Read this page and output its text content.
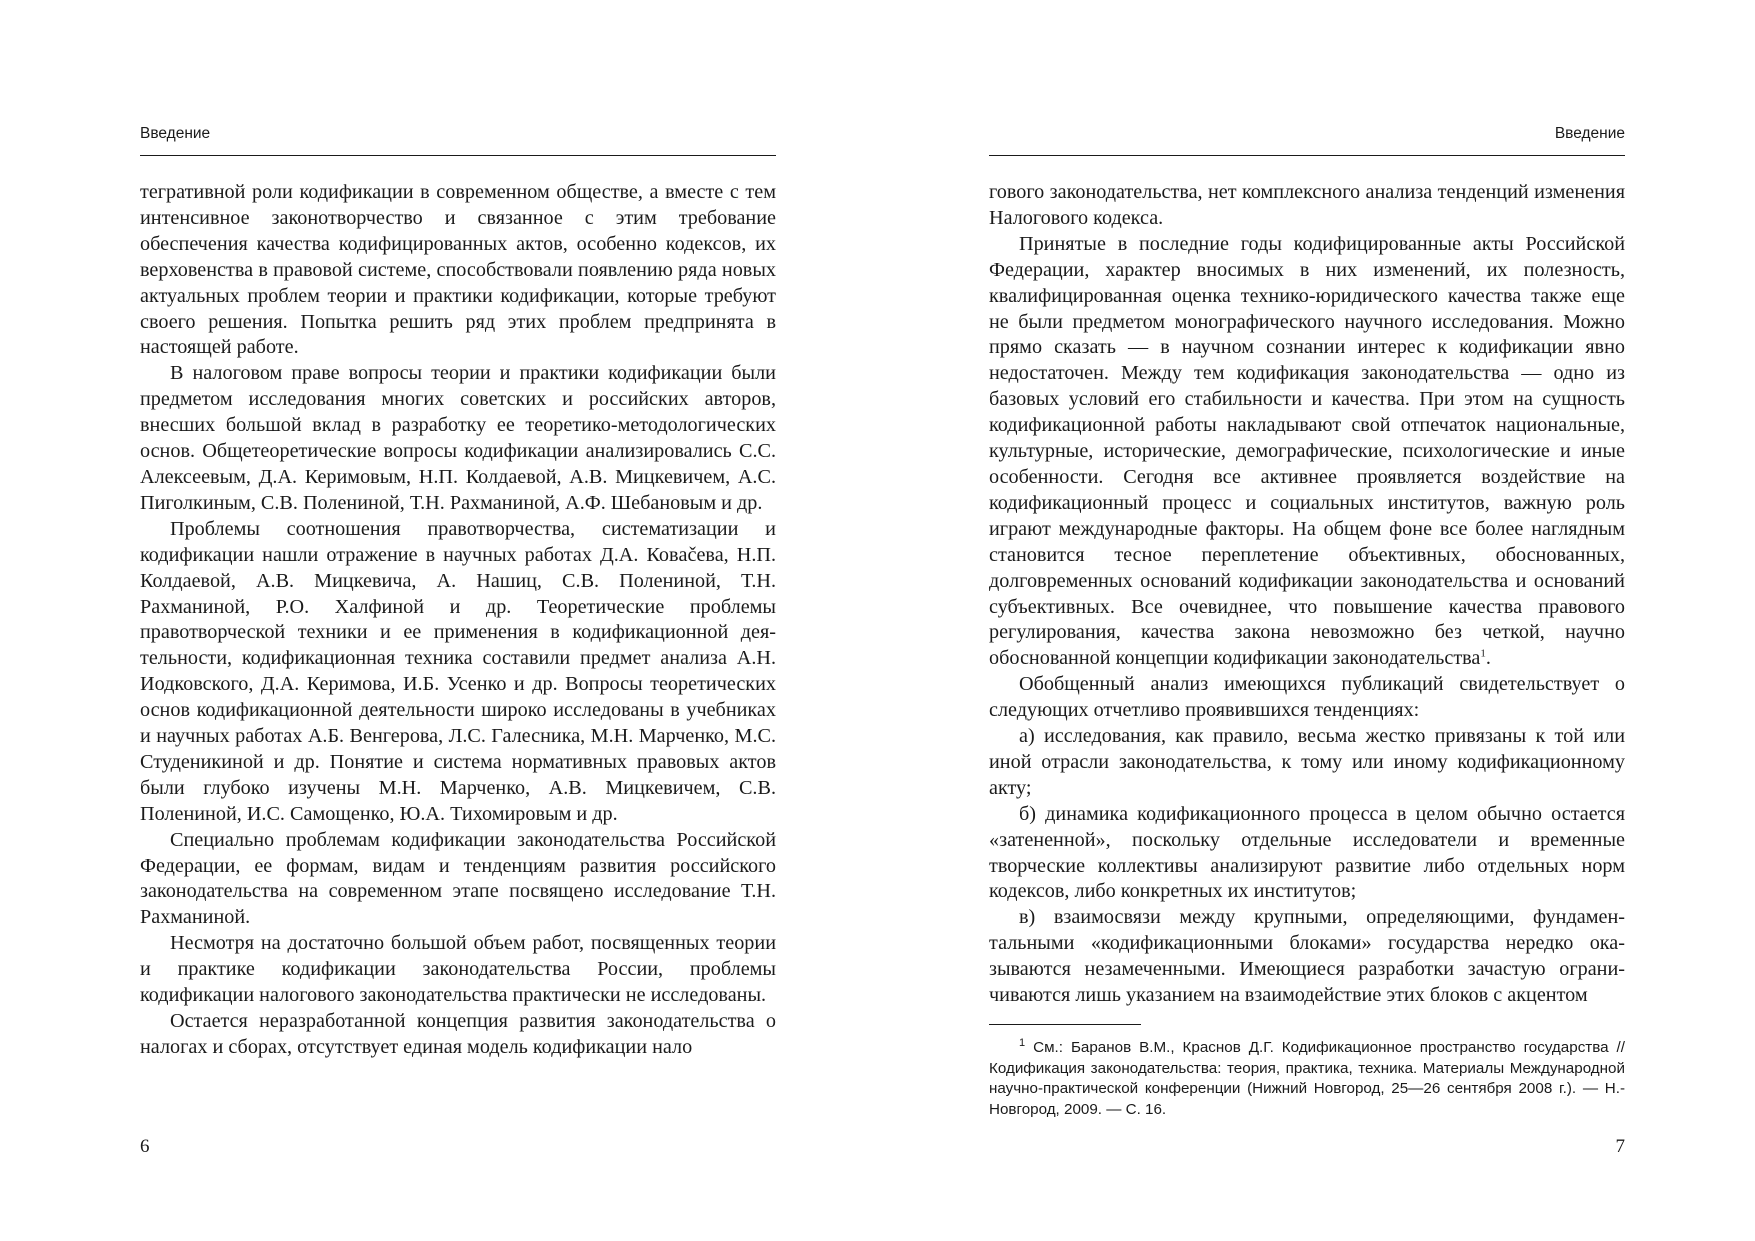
Введение

тегративной роли кодификации в современном обществе, а вместе с тем интенсивное законотворчество и связанное с этим требование обеспечения качества кодифицированных актов, особенно кодексов, их верховенства в правовой системе, способствовали появлению ряда новых актуальных проблем теории и практики кодификации, которые требуют своего решения. Попытка решить ряд этих проблем предпринята в настоящей работе.

В налоговом праве вопросы теории и практики кодификации были предметом исследования многих советских и российских авторов, внесших большой вклад в разработку ее теоретико-методологических основ. Общетеоретические вопросы кодификации анализировались С.С. Алексеевым, Д.А. Керимовым, Н.П. Колдаевой, А.В. Мицкевичем, А.С. Пиголкиным, С.В. Полениной, Т.Н. Рахманиной, А.Ф. Шебановым и др.

Проблемы соотношения правотворчества, систематизации и кодификации нашли отражение в научных работах Д.А. Ковačeва, Н.П. Колдаевой, А.В. Мицкевича, А. Нашиц, С.В. Полениной, Т.Н. Рахманиной, Р.О. Халфиной и др. Теоретические проблемы правотворческой техники и ее применения в кодификационной деятельности, кодификационная техника составили предмет анализа А.Н. Иодковского, Д.А. Керимова, И.Б. Усенко и др. Вопросы теоретических основ кодификационной деятельности широко исследованы в учебниках и научных работах А.Б. Венгерова, Л.С. Галесника, М.Н. Марченко, М.С. Студеникиной и др. Понятие и система нормативных правовых актов были глубоко изучены М.Н. Марченко, А.В. Мицкевичем, С.В. Полениной, И.С. Самощенко, Ю.А. Тихомировым и др.

Специально проблемам кодификации законодательства Российской Федерации, ее формам, видам и тенденциям развития российского законодательства на современном этапе посвящено исследование Т.Н. Рахманиной.

Несмотря на достаточно большой объем работ, посвященных теории и практике кодификации законодательства России, проблемы кодификации налогового законодательства практически не исследованы.

Остается неразработанной концепция развития законодательства о налогах и сборах, отсутствует единая модель кодификации нало

6
Введение

гового законодательства, нет комплексного анализа тенденций изменения Налогового кодекса.

Принятые в последние годы кодифицированные акты Российской Федерации, характер вносимых в них изменений, их полезность, квалифицированная оценка технико-юридического качества также еще не были предметом монографического научного исследования. Можно прямо сказать — в научном сознании интерес к кодификации явно недостаточен. Между тем кодификация законодательства — одно из базовых условий его стабильности и качества. При этом на сущность кодификационной работы накладывают свой отпечаток национальные, культурные, исторические, демографические, психологические и иные особенности. Сегодня все активнее проявляется воздействие на кодификационный процесс и социальных институтов, важную роль играют международные факторы. На общем фоне все более наглядным становится тесное переплетение объективных, обоснованных, долговременных оснований кодификации законодательства и оснований субъективных. Все очевиднее, что повышение качества правового регулирования, качества закона невозможно без четкой, научно обоснованной концепции кодификации законодательства$^1$.

Обобщенный анализ имеющихся публикаций свидетельствует о следующих отчетливо проявившихся тенденциях:

а) исследования, как правило, весьма жестко привязаны к той или иной отрасли законодательства, к тому или иному кодификационному акту;

б) динамика кодификационного процесса в целом обычно остается «затененной», поскольку отдельные исследователи и временные творческие коллективы анализируют развитие либо отдельных норм кодексов, либо конкретных их институтов;

в) взаимосвязи между крупными, определяющими, фундаментальными «кодификационными блоками» государства нередко оказываются незамеченными. Имеющиеся разработки зачастую ограничиваются лишь указанием на взаимодействие этих блоков с акцентом

$^1$ См.: Баранов В.М., Краснов Д.Г. Кодификационное пространство государства // Кодификация законодательства: теория, практика, техника. Материалы Международной научно-практической конференции (Нижний Новгород, 25—26 сентября 2008 г.). — Н.-Новгород, 2009. — С. 16.

7
